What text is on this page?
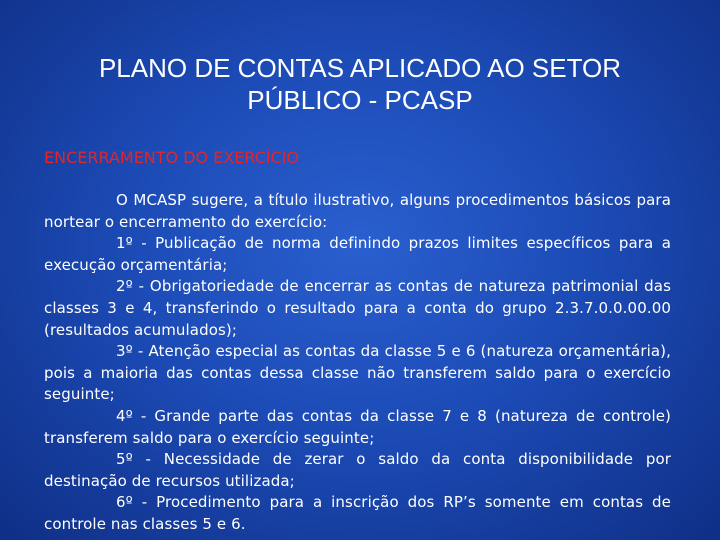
PLANO DE CONTAS APLICADO AO SETOR
PÚBLICO - PCASP
ENCERRAMENTO DO EXERCÍCIO

O MCASP sugere, a título ilustrativo, alguns procedimentos básicos para nortear o encerramento do exercício:

1º - Publicação de norma definindo prazos limites específicos para a execução orçamentária;

2º - Obrigatoriedade de encerrar as contas de natureza patrimonial das classes 3 e 4, transferindo o resultado para a conta do grupo 2.3.7.0.0.00.00 (resultados acumulados);

3º - Atenção especial as contas da classe 5 e 6 (natureza orçamentária), pois a maioria das contas dessa classe não transferem saldo para o exercício seguinte;

4º - Grande parte das contas da classe 7 e 8 (natureza de controle) transferem saldo para o exercício seguinte;

5º - Necessidade de zerar o saldo da conta disponibilidade por destinação de recursos utilizada;

6º - Procedimento para a inscrição dos RP’s somente em contas de controle nas classes 5 e 6.
